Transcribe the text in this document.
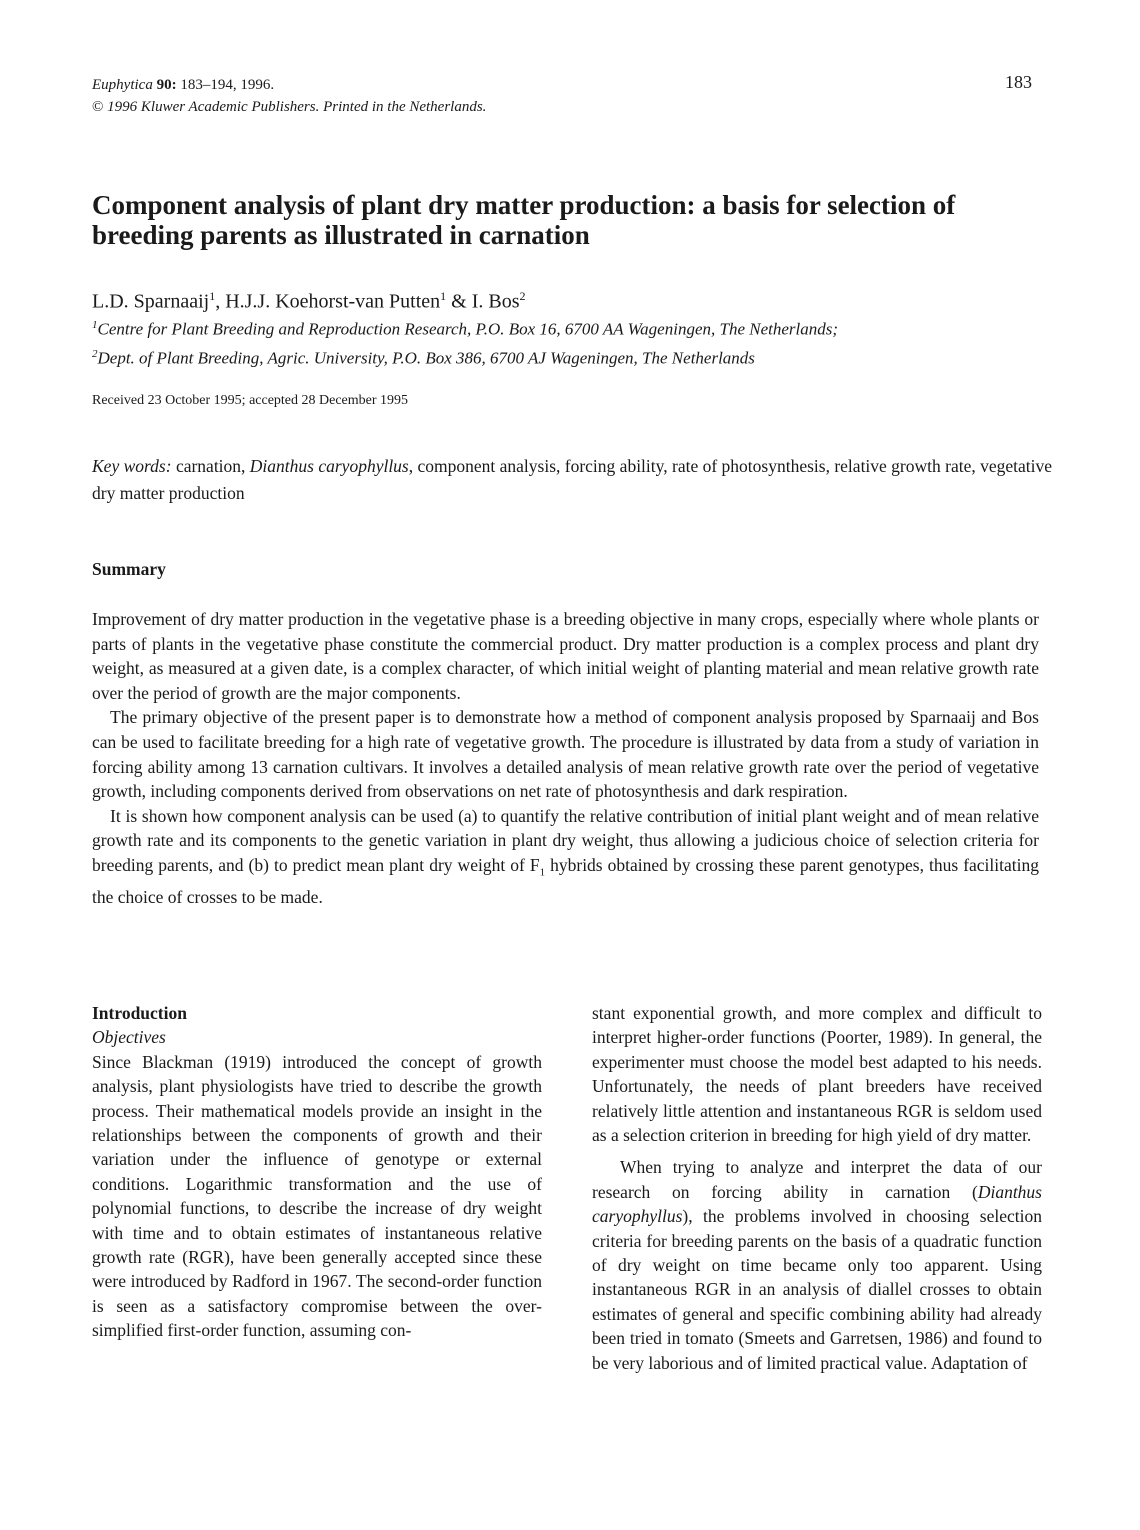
Euphytica 90: 183–194, 1996.
© 1996 Kluwer Academic Publishers. Printed in the Netherlands.
183
Component analysis of plant dry matter production: a basis for selection of breeding parents as illustrated in carnation
L.D. Sparnaaij$^1$, H.J.J. Koehorst-van Putten$^1$ & I. Bos$^2$
$^1$Centre for Plant Breeding and Reproduction Research, P.O. Box 16, 6700 AA Wageningen, The Netherlands;
$^2$Dept. of Plant Breeding, Agric. University, P.O. Box 386, 6700 AJ Wageningen, The Netherlands
Received 23 October 1995; accepted 28 December 1995
Key words: carnation, Dianthus caryophyllus, component analysis, forcing ability, rate of photosynthesis, relative growth rate, vegetative dry matter production
Summary

Improvement of dry matter production in the vegetative phase is a breeding objective in many crops, especially where whole plants or parts of plants in the vegetative phase constitute the commercial product. Dry matter production is a complex process and plant dry weight, as measured at a given date, is a complex character, of which initial weight of planting material and mean relative growth rate over the period of growth are the major components.

The primary objective of the present paper is to demonstrate how a method of component analysis proposed by Sparnaaij and Bos can be used to facilitate breeding for a high rate of vegetative growth. The procedure is illustrated by data from a study of variation in forcing ability among 13 carnation cultivars. It involves a detailed analysis of mean relative growth rate over the period of vegetative growth, including components derived from observations on net rate of photosynthesis and dark respiration.

It is shown how component analysis can be used (a) to quantify the relative contribution of initial plant weight and of mean relative growth rate and its components to the genetic variation in plant dry weight, thus allowing a judicious choice of selection criteria for breeding parents, and (b) to predict mean plant dry weight of $F_1$ hybrids obtained by crossing these parent genotypes, thus facilitating the choice of crosses to be made.

Introduction

Objectives

Since Blackman (1919) introduced the concept of growth analysis, plant physiologists have tried to describe the growth process. Their mathematical models provide an insight in the relationships between the components of growth and their variation under the influence of genotype or external conditions. Logarithmic transformation and the use of polynomial functions, to describe the increase of dry weight with time and to obtain estimates of instantaneous relative growth rate (RGR), have been generally accepted since these were introduced by Radford in 1967. The second-order function is seen as a satisfactory compromise between the over-simplified first-order function, assuming con-

stant exponential growth, and more complex and difficult to interpret higher-order functions (Poorter, 1989). In general, the experimenter must choose the model best adapted to his needs. Unfortunately, the needs of plant breeders have received relatively little attention and instantaneous RGR is seldom used as a selection criterion in breeding for high yield of dry matter.

When trying to analyze and interpret the data of our research on forcing ability in carnation (Dianthus caryophyllus), the problems involved in choosing selection criteria for breeding parents on the basis of a quadratic function of dry weight on time became only too apparent. Using instantaneous RGR in an analysis of diallel crosses to obtain estimates of general and specific combining ability had already been tried in tomato (Smeets and Garretsen, 1986) and found to be very laborious and of limited practical value. Adaptation of
